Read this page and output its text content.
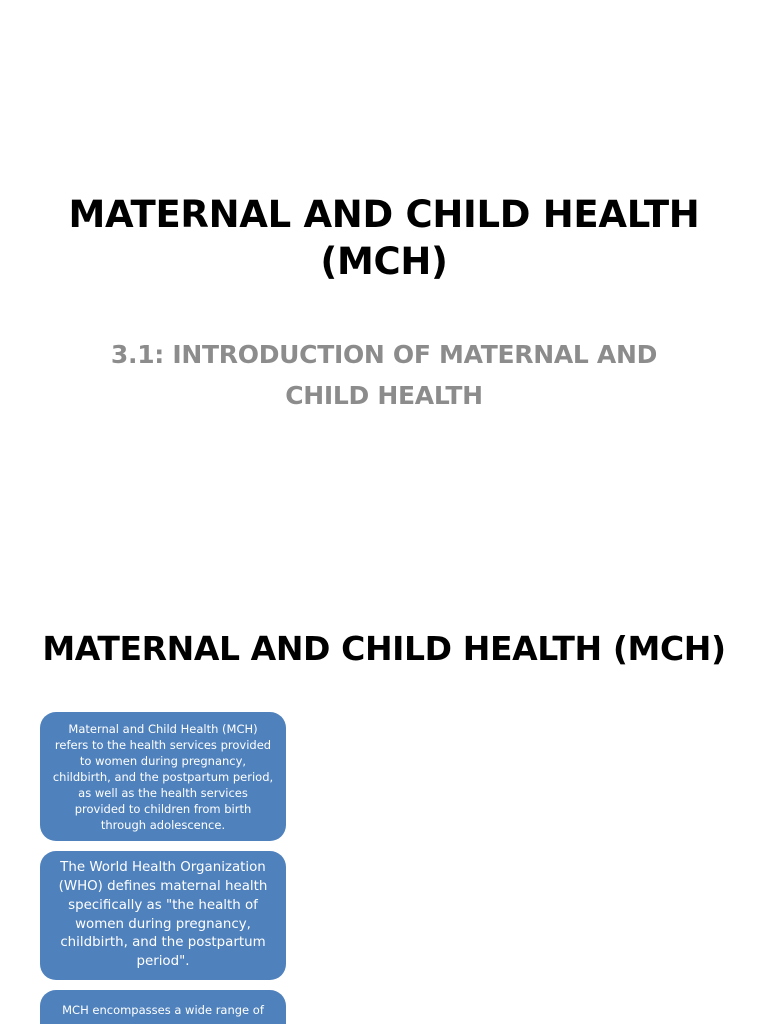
MATERNAL AND CHILD HEALTH (MCH)
3.1: INTRODUCTION OF MATERNAL AND CHILD HEALTH
MATERNAL AND CHILD HEALTH (MCH)
Maternal and Child Health (MCH) refers to the health services provided to women during pregnancy, childbirth, and the postpartum period, as well as the health services provided to children from birth through adolescence.
The World Health Organization (WHO) defines maternal health specifically as "the health of women during pregnancy, childbirth, and the postpartum period".
MCH encompasses a wide range of
